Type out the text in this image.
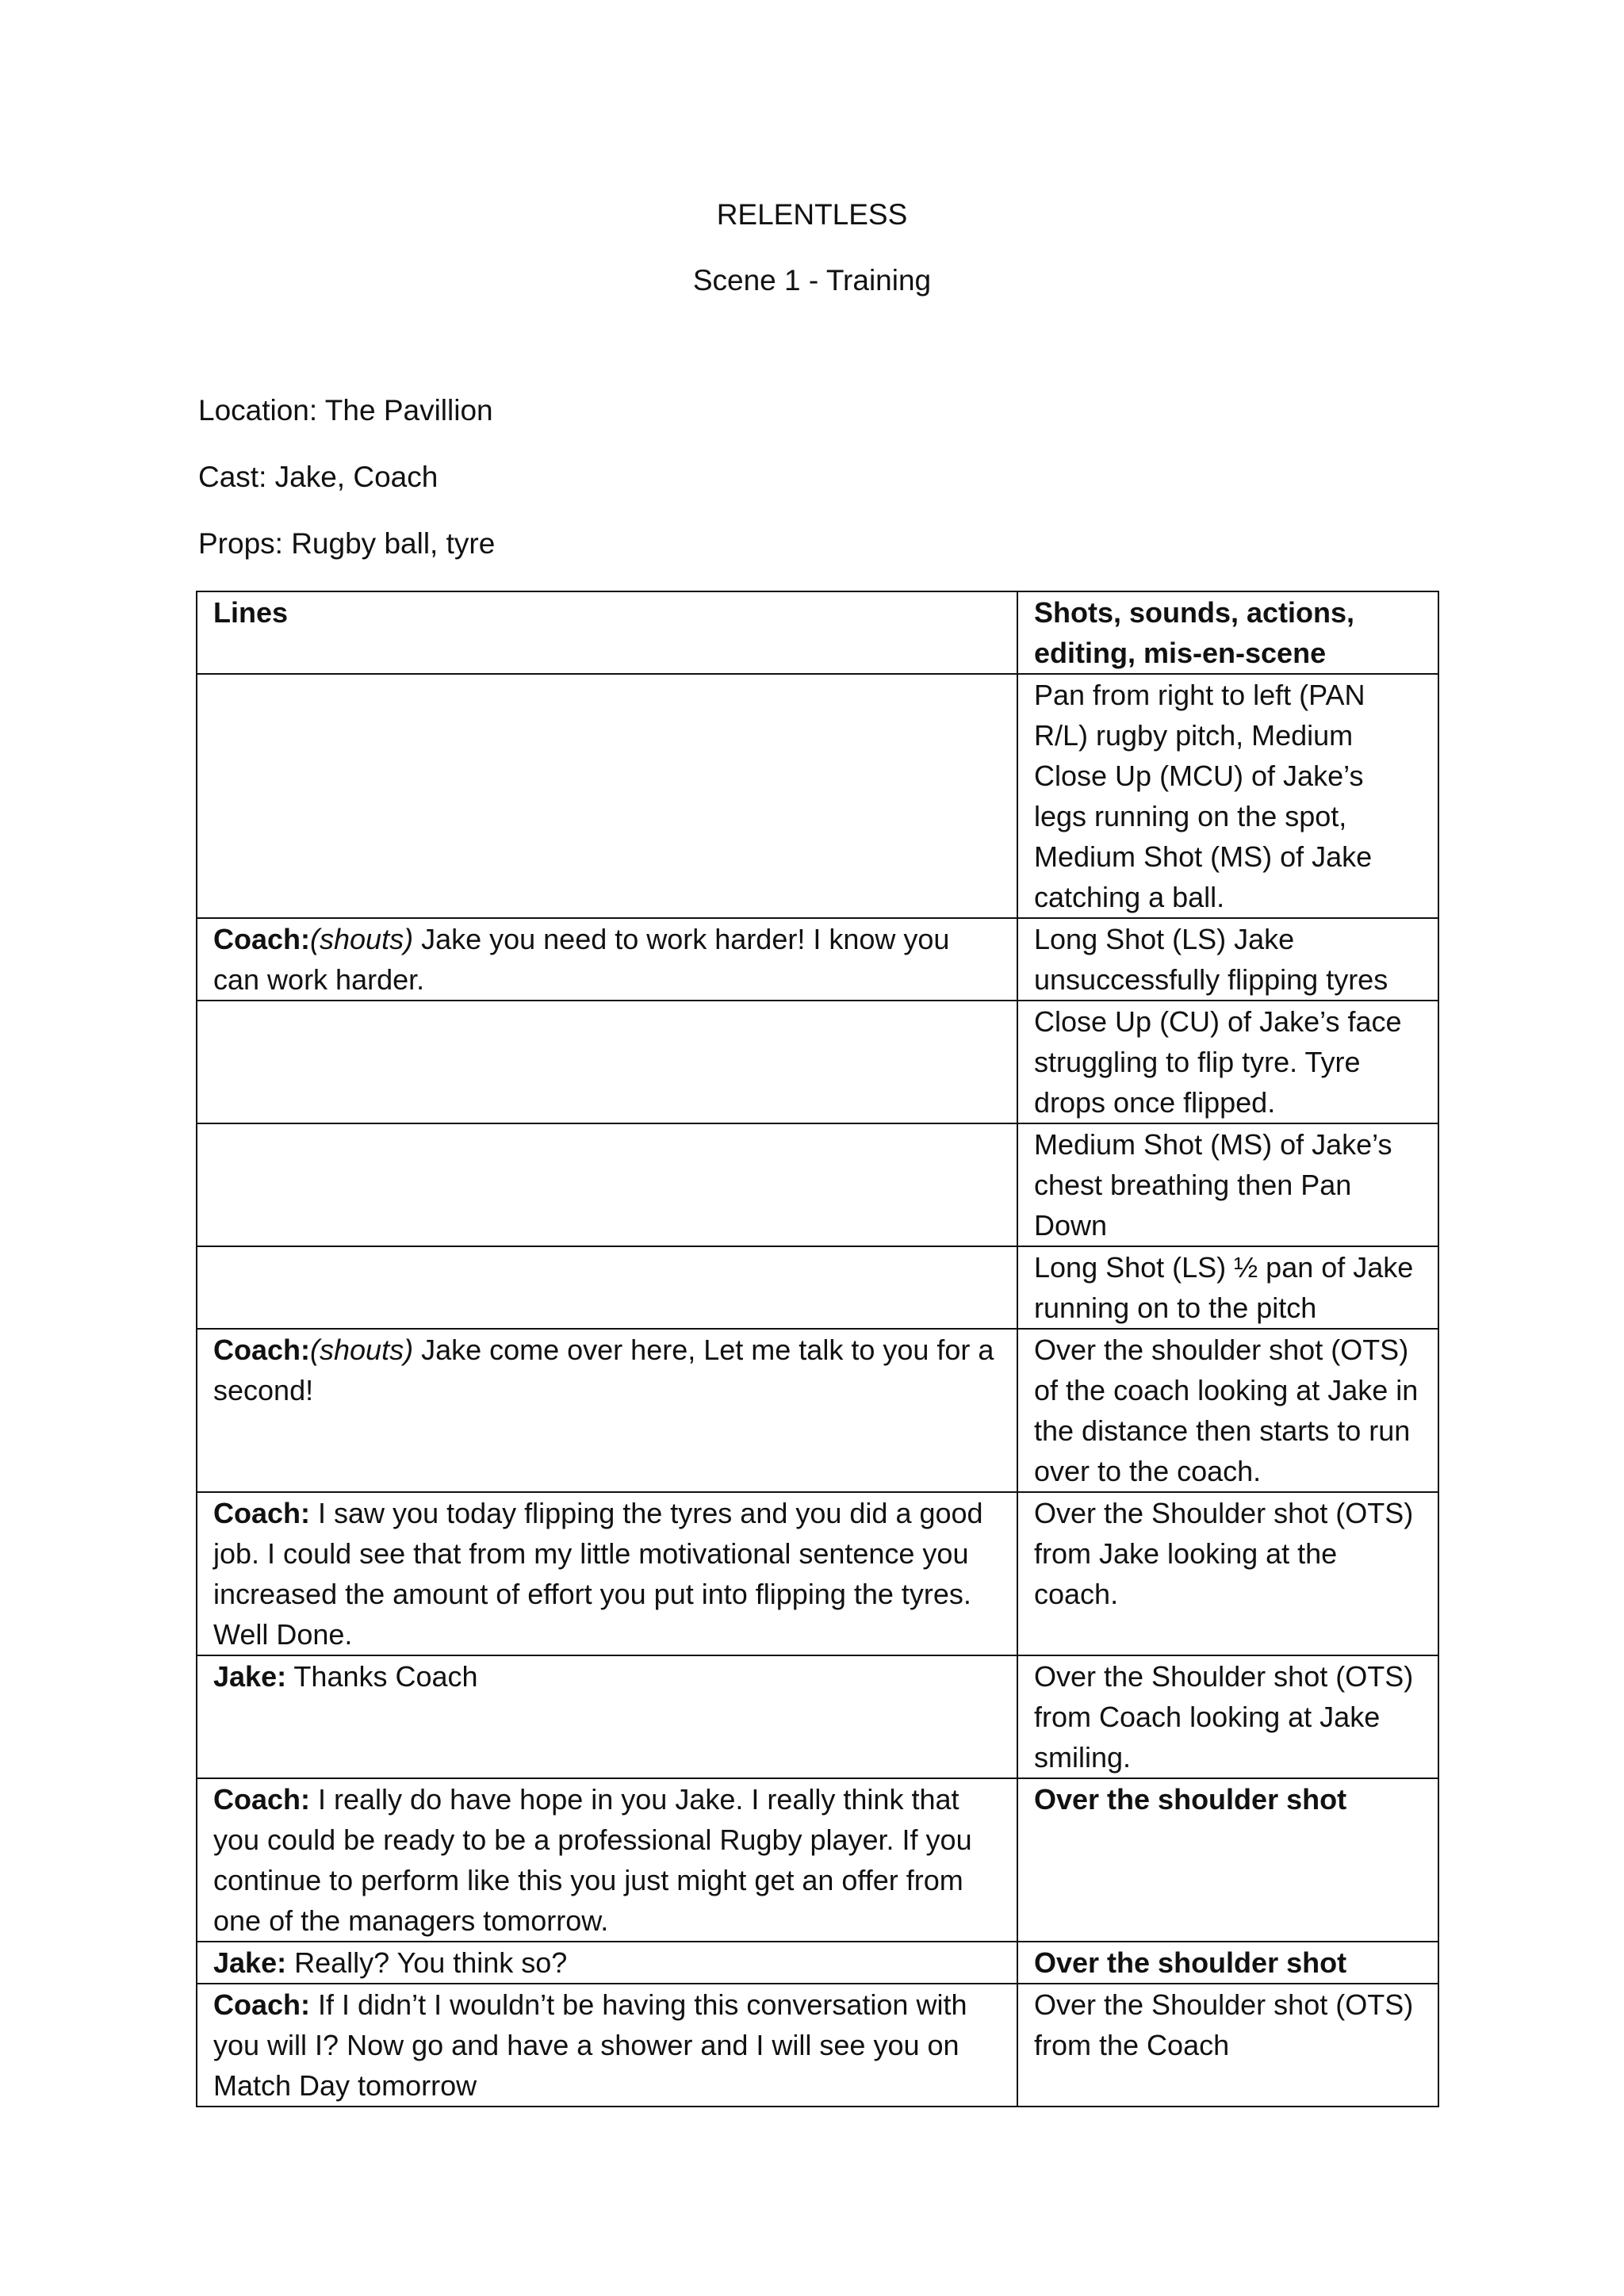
RELENTLESS
Scene 1 - Training
Location: The Pavillion
Cast: Jake, Coach
Props: Rugby ball, tyre
Lines	Shots, sounds, actions, editing, mis-en-scene
	Pan from right to left (PAN R/L) rugby pitch, Medium Close Up (MCU) of Jake’s legs running on the spot, Medium Shot (MS) of Jake catching a ball.
Coach:(shouts) Jake you need to work harder! I know you can work harder.	Long Shot (LS) Jake unsuccessfully flipping tyres
	Close Up (CU) of Jake’s face struggling to flip tyre. Tyre drops once flipped.
	Medium Shot (MS) of Jake’s chest breathing then Pan Down
	Long Shot (LS) ½ pan of Jake running on to the pitch
Coach:(shouts) Jake come over here, Let me talk to you for a second!	Over the shoulder shot (OTS) of the coach looking at Jake in the distance then starts to run over to the coach.
Coach: I saw you today flipping the tyres and you did a good job. I could see that from my little motivational sentence you increased the amount of effort you put into flipping the tyres. Well Done.	Over the Shoulder shot (OTS) from Jake looking at the coach.
Jake: Thanks Coach	Over the Shoulder shot (OTS) from Coach looking at Jake smiling.
Coach: I really do have hope in you Jake. I really think that you could be ready to be a professional Rugby player. If you continue to perform like this you just might get an offer from one of the managers tomorrow.	Over the shoulder shot
Jake: Really? You think so?	Over the shoulder shot
Coach: If I didn’t I wouldn’t be having this conversation with you will I? Now go and have a shower and I will see you on Match Day tomorrow	Over the Shoulder shot (OTS) from the Coach
